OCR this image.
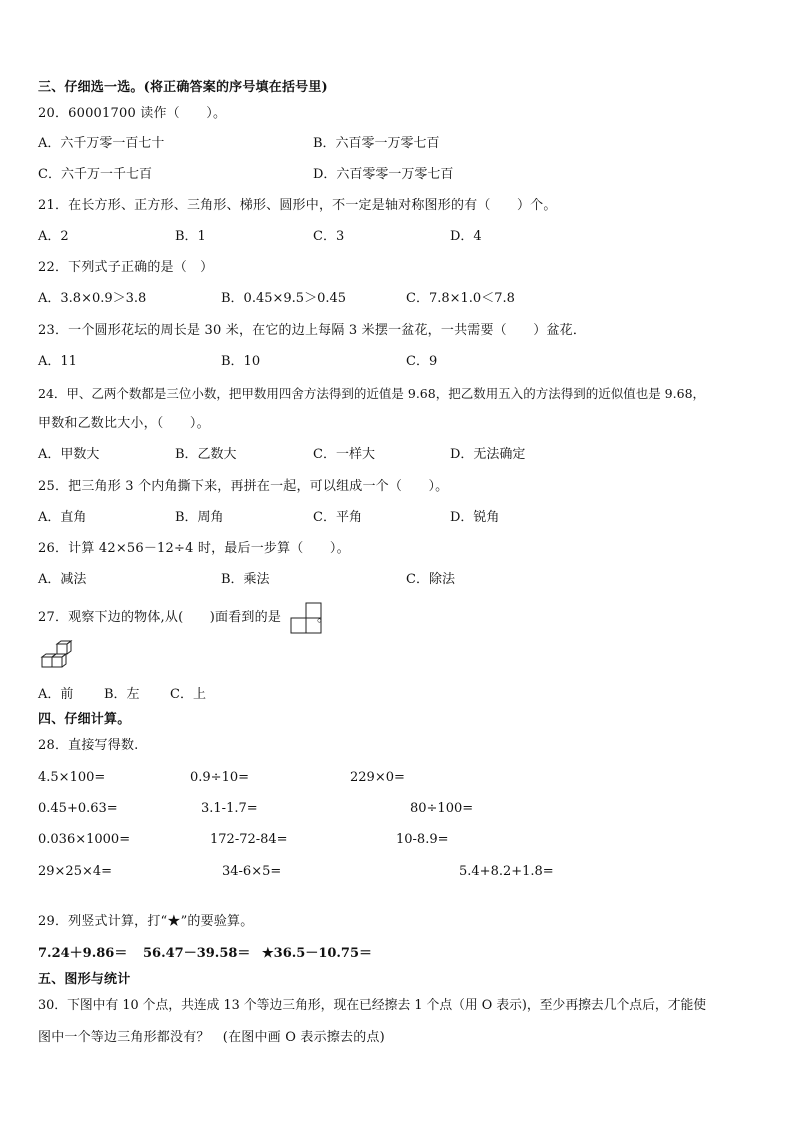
三、仔细选一选。(将正确答案的序号填在括号里)
20．60001700 读作（　　）。
A．六千万零一百七十	B．六百零一万零七百
C．六千万一千七百	D．六百零零一万零七百
21．在长方形、正方形、三角形、梯形、圆形中，不一定是轴对称图形的有（　　）个。
A．2	B．1	C．3	D．4
22．下列式子正确的是（　）
A．3.8×0.9＞3.8	B．0.45×9.5＞0.45	C．7.8×1.0＜7.8
23．一个圆形花坛的周长是 30 米，在它的边上每隔 3 米摆一盆花，一共需要（　　）盆花．
A．11	B．10	C．9
24．甲、乙两个数都是三位小数，把甲数用四舍方法得到的近值是 9.68，把乙数用五入的方法得到的近似值也是 9.68，
甲数和乙数比大小，（　　）。
A．甲数大	B．乙数大	C．一样大	D．无法确定
25．把三角形 3 个内角撕下来，再拼在一起，可以组成一个（　　）。
A．直角	B．周角	C．平角	D．锐角
26．计算 42×56－12÷4 时，最后一步算（　　）。
A．减法	B．乘法	C．除法
27．观察下边的物体,从(　　)面看到的是	。
A．前 B．左 C．上
四、仔细计算。
28．直接写得数.
4.5×100=	0.9÷10=	229×0=
0.45+0.63=	3.1-1.7=	80÷100=
0.036×1000=	172-72-84=	10-8.9=
29×25×4=	34-6×5=	5.4+8.2+1.8=
29．列竖式计算，打“★”的要验算。
7.24＋9.86＝ 56.47－39.58＝ ★36.5－10.75＝
五、图形与统计
30．下图中有 10 个点，共连成 13 个等边三角形，现在已经擦去 1 个点（用 O 表示)，至少再擦去几个点后，才能使
图中一个等边三角形都没有？　(在图中画 O 表示擦去的点)
